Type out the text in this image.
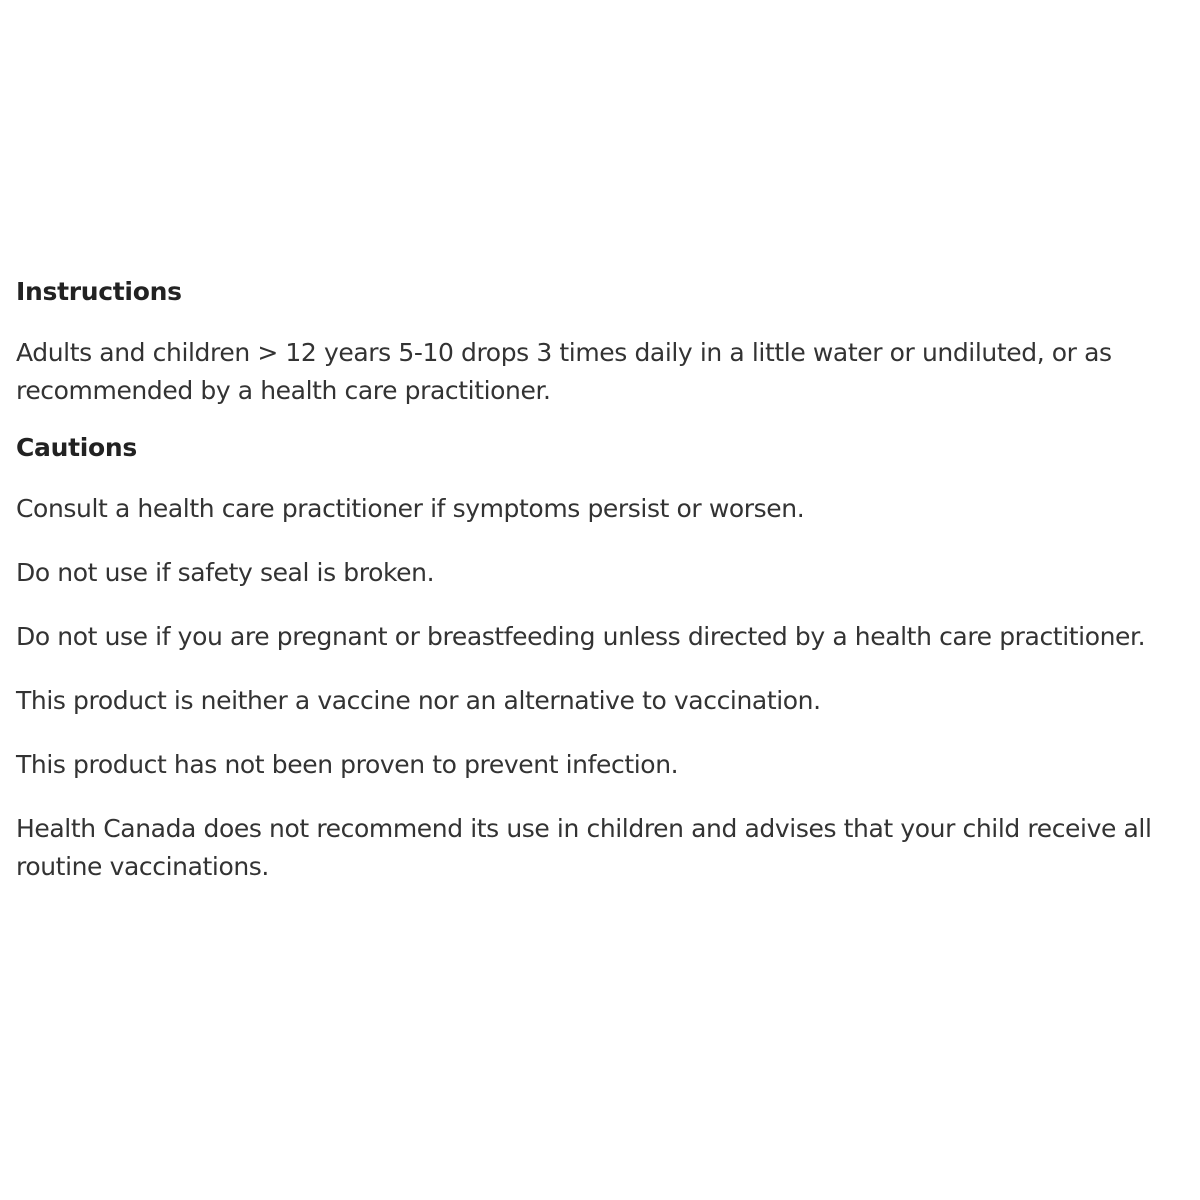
Instructions

Adults and children > 12 years 5-10 drops 3 times daily in a little water or undiluted, or as recommended by a health care practitioner.

Cautions

Consult a health care practitioner if symptoms persist or worsen.

Do not use if safety seal is broken.

Do not use if you are pregnant or breastfeeding unless directed by a health care practitioner.

This product is neither a vaccine nor an alternative to vaccination.

This product has not been proven to prevent infection.

Health Canada does not recommend its use in children and advises that your child receive all routine vaccinations.
